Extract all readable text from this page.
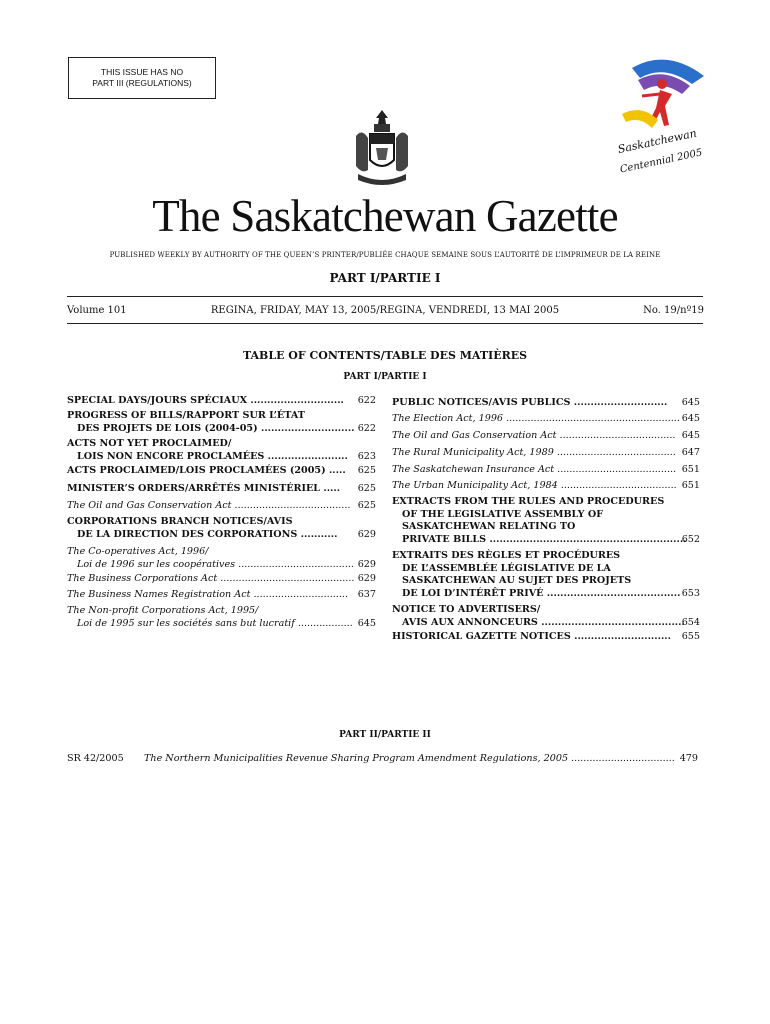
THIS ISSUE HAS NO
PART III (REGULATIONS)
Saskatchewan
Centennial 2005
The Saskatchewan Gazette
PUBLISHED WEEKLY BY AUTHORITY OF THE QUEEN’S PRINTER/PUBLIÉE CHAQUE SEMAINE SOUS L’AUTORITÉ DE L’IMPRIMEUR DE LA REINE
PART I/PARTIE I
Volume 101	REGINA, FRIDAY, MAY 13, 2005/REGINA, VENDREDI, 13 MAI 2005	No. 19/nº19
TABLE OF CONTENTS/TABLE DES MATIÈRES
PART I/PARTIE I
PART II/PARTIE II
SR 42/2005 The Northern Municipalities Revenue Sharing Program Amendment Regulations, 2005 .................................. 479
SPECIAL DAYS/JOURS SPÉCIAUX ............................	622
PROGRESS OF BILLS/RAPPORT SUR L’ÉTAT
DES PROJETS DE LOIS (2004-05) ............................ 622
ACTS NOT YET PROCLAIMED/
LOIS NON ENCORE PROCLAMÉES ........................	623
ACTS PROCLAIMED/LOIS PROCLAMÉES (2005) .....	625
MINISTER’S ORDERS/ARRÊTÉS MINISTÉRIEL .....	625
The Oil and Gas Conservation Act ...................................... 625
CORPORATIONS BRANCH NOTICES/AVIS
DE LA DIRECTION DES CORPORATIONS ...........	629
The Co-operatives Act, 1996/
Loi de 1996 sur les coopératives ...................................... 629
The Business Corporations Act ............................................ 629
The Business Names Registration Act ...............................	637
The Non-profit Corporations Act, 1995/
Loi de 1995 sur les sociétés sans but lucratif .................. 645
PUBLIC NOTICES/AVIS PUBLICS ............................	645
The Election Act, 1996 ......................................................... 645
The Oil and Gas Conservation Act ...................................... 645
The Rural Municipality Act, 1989 ....................................... 647
The Saskatchewan Insurance Act ....................................... 651
The Urban Municipality Act, 1984 ...................................... 651
EXTRACTS FROM THE RULES AND PROCEDURES
OF THE LEGISLATIVE ASSEMBLY OF
SASKATCHEWAN RELATING TO
PRIVATE BILLS ...........................................................
652
EXTRAITS DES RÈGLES ET PROCÉDURES
DE L’ASSEMBLÉE LÉGISLATIVE DE LA
SASKATCHEWAN AU SUJET DES PROJETS
DE LOI D’INTÉRÊT PRIVÉ ........................................ 653
NOTICE TO ADVERTISERS/
AVIS AUX ANNONCEURS ...........................................
654
HISTORICAL GAZETTE NOTICES .............................	655
